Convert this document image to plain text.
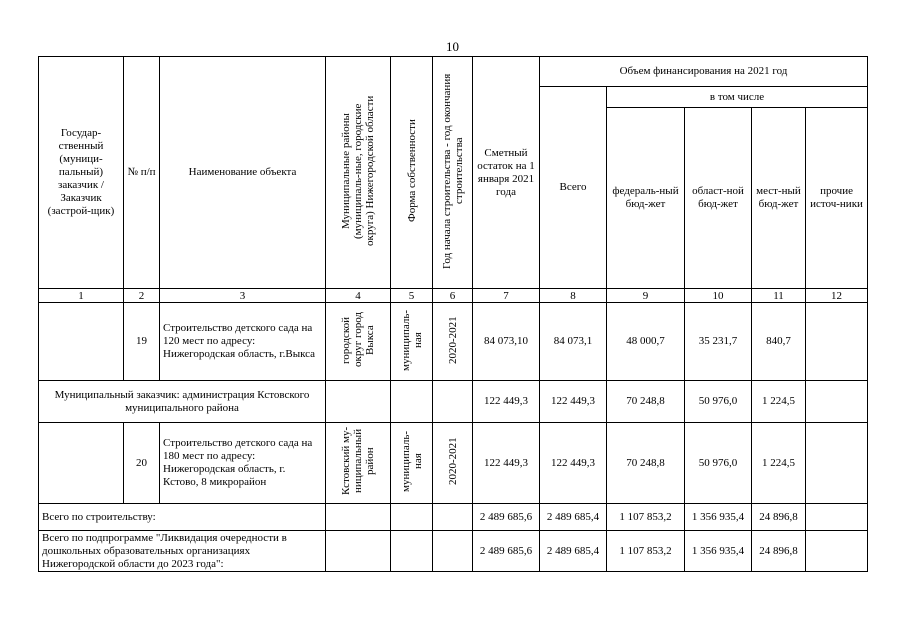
10
Государ-ственный (муници-пальный) заказчик / Заказчик (застрой-щик)	№ п/п	Наименование объекта	Муниципальные районы (муниципаль-ные, городские округа) Нижегородской области	Форма собственности	Год начала строительства - год окончания строительства	Сметный остаток на 1 января 2021 года	Объем финансирования на 2021 год				
							Всего	в том числе			
								федераль-ный бюд-жет	област-ной бюд-жет	мест-ный бюд-жет	прочие источ-ники
1	2	3	4	5	6	7	8	9	10	11	12
	19	Строительство детского сада на 120 мест по адресу: Нижегородская область, г.Выкса	городской округ город Выкса	муниципаль-ная	2020-2021	84 073,10	84 073,1	48 000,7	35 231,7	840,7	
Муниципальный заказчик: администрация Кстовского муниципального района						122 449,3	122 449,3	70 248,8	50 976,0	1 224,5	
	20	Строительство детского сада на 180 мест по адресу: Нижегородская область, г. Кстово, 8 микрорайон	Кстовский му-ниципальный район	муниципаль-ная	2020-2021	122 449,3	122 449,3	70 248,8	50 976,0	1 224,5	
Всего по строительству:						2 489 685,6	2 489 685,4	1 107 853,2	1 356 935,4	24 896,8	
Всего по подпрограмме "Ликвидация очередности в дошкольных образовательных организациях Нижегородской области до 2023 года":						2 489 685,6	2 489 685,4	1 107 853,2	1 356 935,4	24 896,8	
